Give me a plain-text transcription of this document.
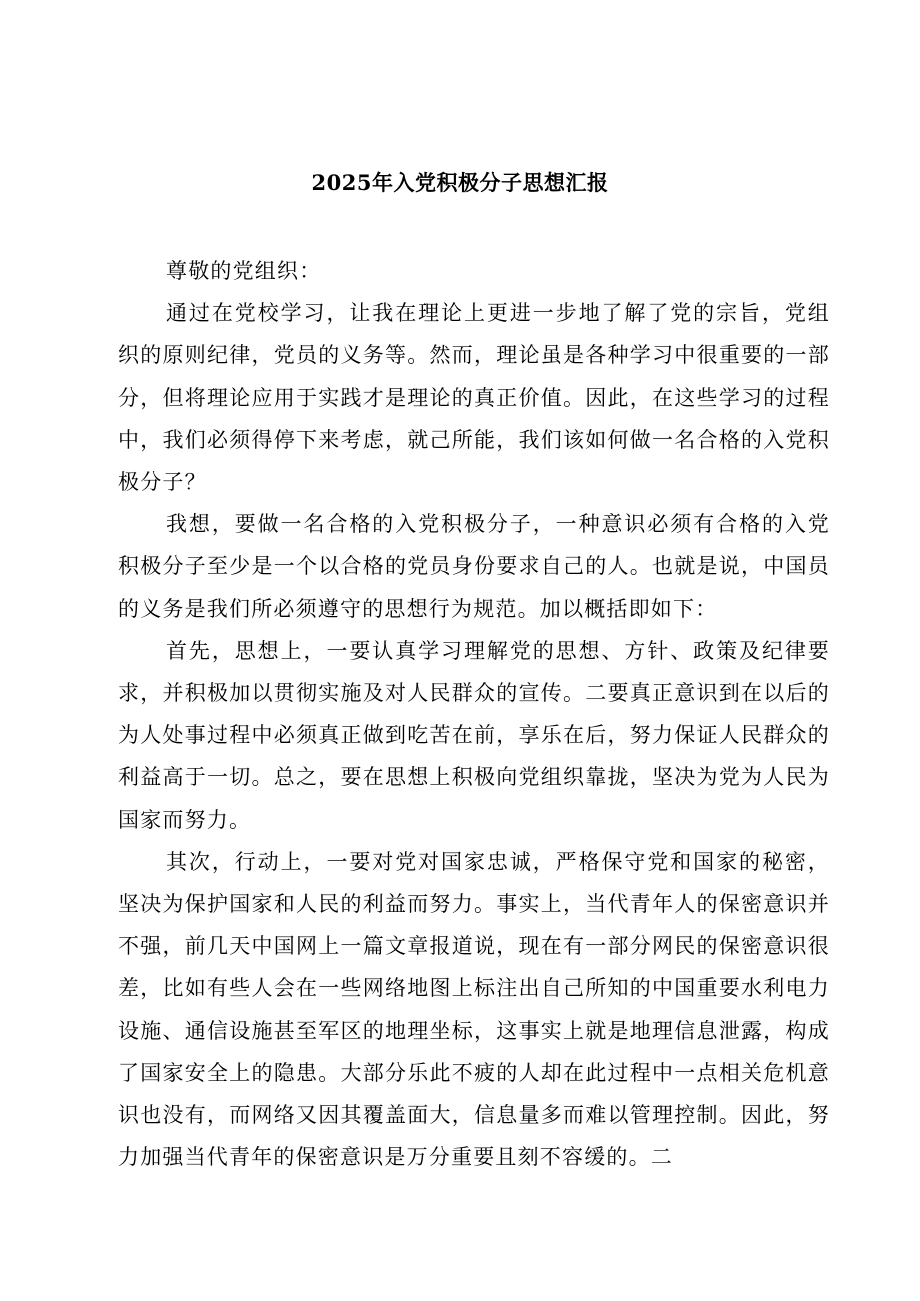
2025年入党积极分子思想汇报

尊敬的党组织：

通过在党校学习，让我在理论上更进一步地了解了党的宗旨，党组织的原则纪律，党员的义务等。然而，理论虽是各种学习中很重要的一部分，但将理论应用于实践才是理论的真正价值。因此，在这些学习的过程中，我们必须得停下来考虑，就己所能，我们该如何做一名合格的入党积极分子？

我想，要做一名合格的入党积极分子，一种意识必须有合格的入党积极分子至少是一个以合格的党员身份要求自己的人。也就是说，中国员的义务是我们所必须遵守的思想行为规范。加以概括即如下：

首先，思想上，一要认真学习理解党的思想、方针、政策及纪律要求，并积极加以贯彻实施及对人民群众的宣传。二要真正意识到在以后的为人处事过程中必须真正做到吃苦在前，享乐在后，努力保证人民群众的利益高于一切。总之，要在思想上积极向党组织靠拢，坚决为党为人民为国家而努力。

其次，行动上，一要对党对国家忠诚，严格保守党和国家的秘密，坚决为保护国家和人民的利益而努力。事实上，当代青年人的保密意识并不强，前几天中国网上一篇文章报道说，现在有一部分网民的保密意识很差，比如有些人会在一些网络地图上标注出自己所知的中国重要水利电力设施、通信设施甚至军区的地理坐标，这事实上就是地理信息泄露，构成了国家安全上的隐患。大部分乐此不疲的人却在此过程中一点相关危机意识也没有，而网络又因其覆盖面大，信息量多而难以管理控制。因此，努力加强当代青年的保密意识是万分重要且刻不容缓的。二
